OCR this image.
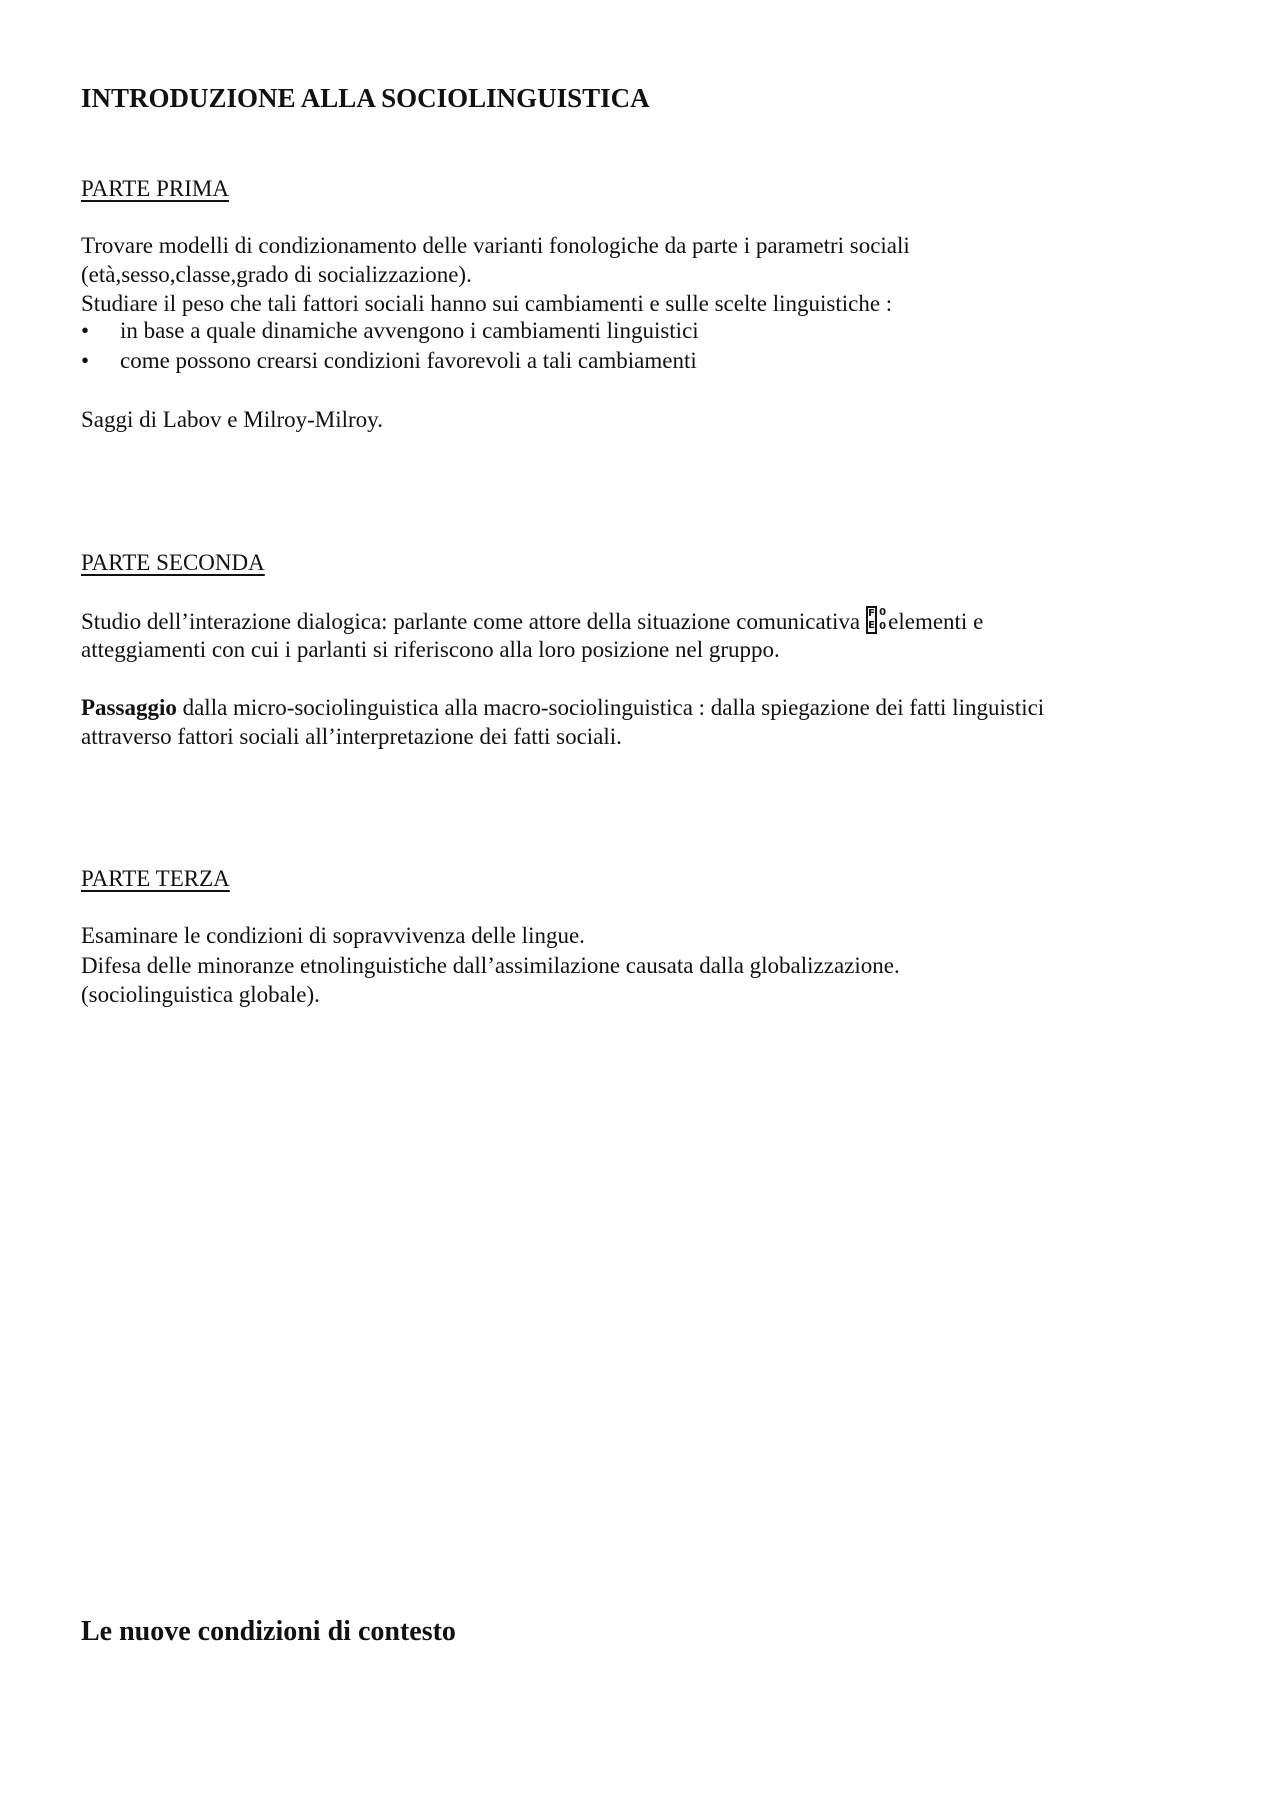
INTRODUZIONE ALLA SOCIOLINGUISTICA
PARTE PRIMA
Trovare modelli di condizionamento delle varianti fonologiche da parte i parametri sociali
(età,sesso,classe,grado di socializzazione).
Studiare il peso che tali fattori sociali hanno sui cambiamenti e sulle scelte linguistiche :
• in base a quale dinamiche avvengono i cambiamenti linguistici
• come possono crearsi condizioni favorevoli a tali cambiamenti
Saggi di Labov e Milroy-Milroy.
PARTE SECONDA
Studio dell’interazione dialogica: parlante come attore della situazione comunicativa F 0
E 0 elementi e
atteggiamenti con cui i parlanti si riferiscono alla loro posizione nel gruppo.
Passaggio dalla micro-sociolinguistica alla macro-sociolinguistica : dalla spiegazione dei fatti linguistici
attraverso fattori sociali all’interpretazione dei fatti sociali.
PARTE TERZA
Esaminare le condizioni di sopravvivenza delle lingue.
Difesa delle minoranze etnolinguistiche dall’assimilazione causata dalla globalizzazione.
(sociolinguistica globale).
Le nuove condizioni di contesto
